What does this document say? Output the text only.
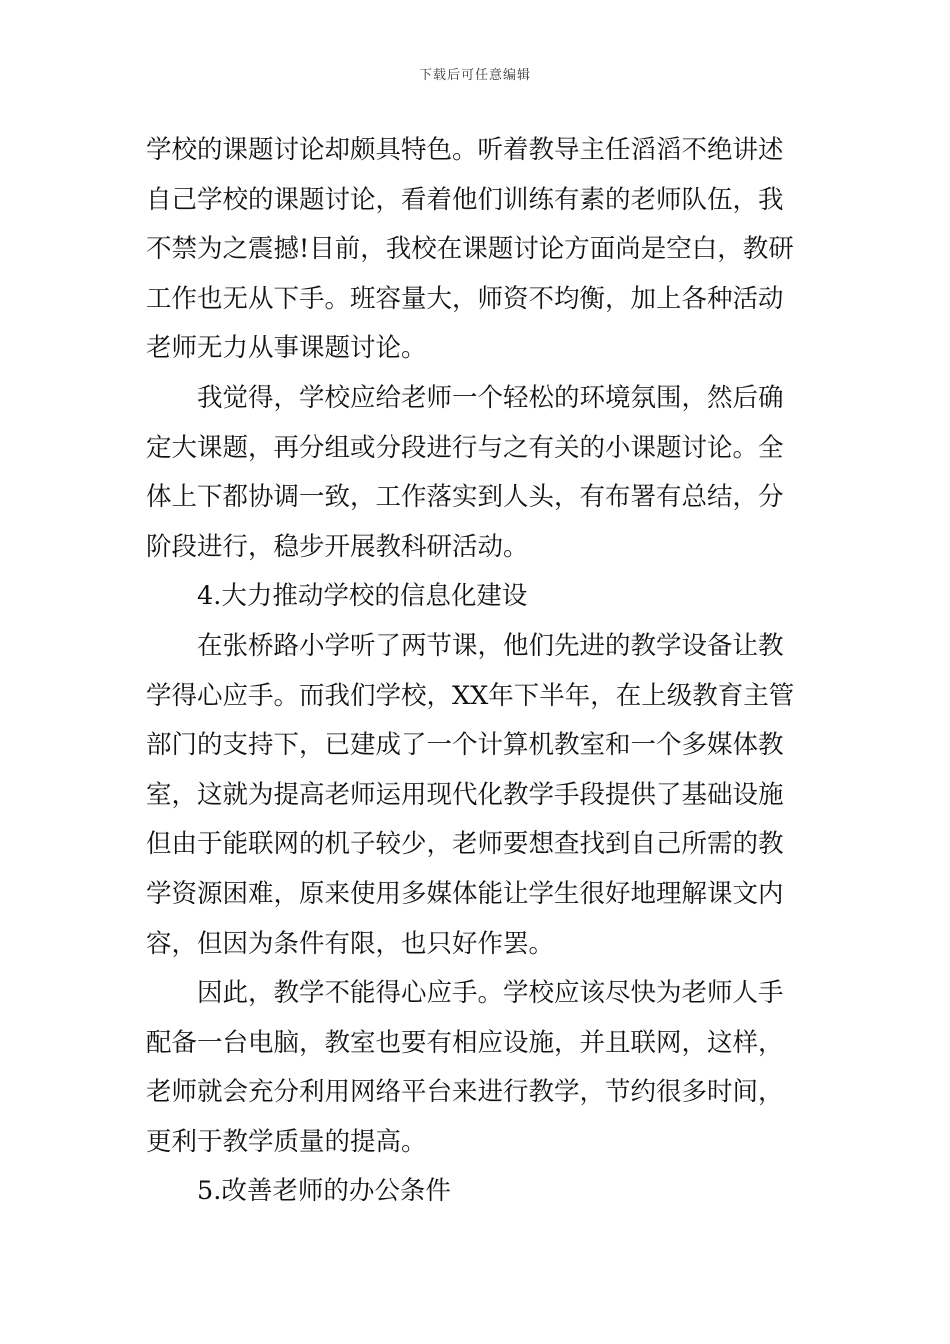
下载后可任意编辑
学校的课题讨论却颇具特色。听着教导主任滔滔不绝讲述
自己学校的课题讨论，看着他们训练有素的老师队伍，我
不禁为之震撼!目前，我校在课题讨论方面尚是空白，教研
工作也无从下手。班容量大，师资不均衡，加上各种活动
老师无力从事课题讨论。
我觉得，学校应给老师一个轻松的环境氛围，然后确
定大课题，再分组或分段进行与之有关的小课题讨论。全
体上下都协调一致，工作落实到人头，有布署有总结，分
阶段进行，稳步开展教科研活动。
4.大力推动学校的信息化建设
在张桥路小学听了两节课，他们先进的教学设备让教
学得心应手。而我们学校，XX年下半年，在上级教育主管
部门的支持下，已建成了一个计算机教室和一个多媒体教
室，这就为提高老师运用现代化教学手段提供了基础设施
但由于能联网的机子较少，老师要想查找到自己所需的教
学资源困难，原来使用多媒体能让学生很好地理解课文内
容，但因为条件有限，也只好作罢。
因此，教学不能得心应手。学校应该尽快为老师人手
配备一台电脑，教室也要有相应设施，并且联网，这样，
老师就会充分利用网络平台来进行教学，节约很多时间，
更利于教学质量的提高。
5.改善老师的办公条件
